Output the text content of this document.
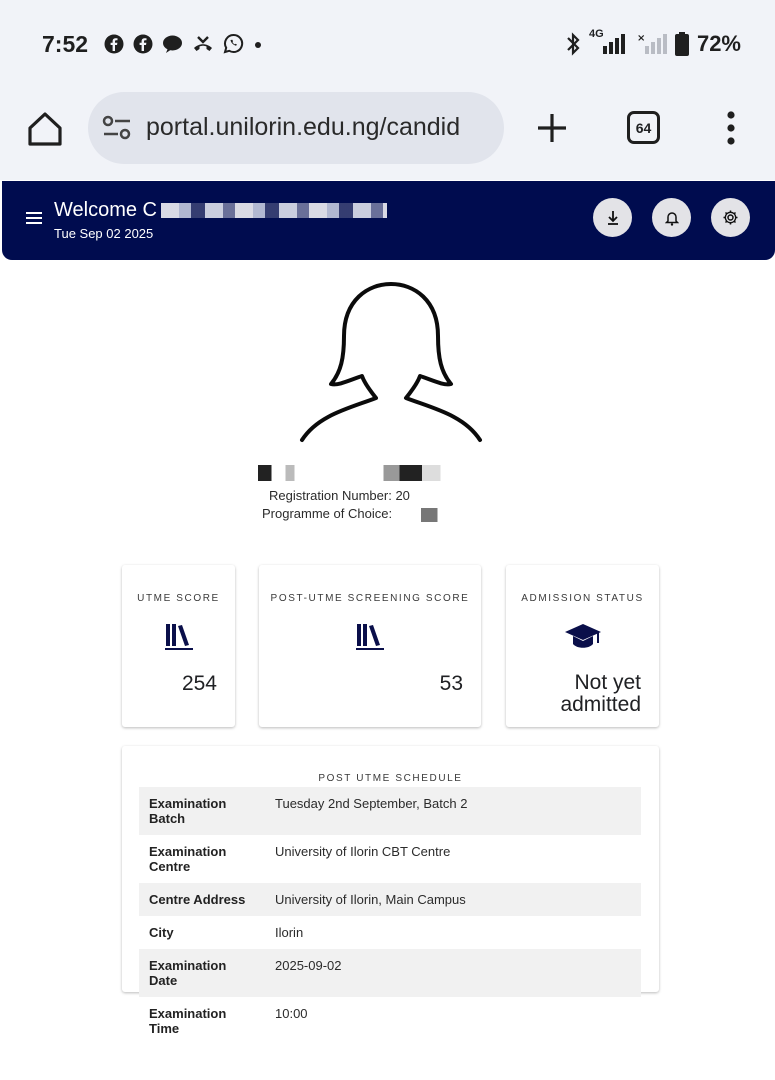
7:52	4G	× 72%
portal.unilorin.edu.ng/candid	64
Welcome C
Tue Sep 02 2025
Registration Number: 20
Programme of Choice:
UTME SCORE
254
POST-UTME SCREENING SCORE
53
ADMISSION STATUS
Not yet
admitted
POST UTME SCHEDULE
Examination
Batch	Tuesday 2nd September, Batch 2

Examination
Centre	University of Ilorin CBT Centre

Centre Address	University of Ilorin, Main Campus

City	Ilorin

Examination
Date	2025-09-02

Examination
Time	10:00
